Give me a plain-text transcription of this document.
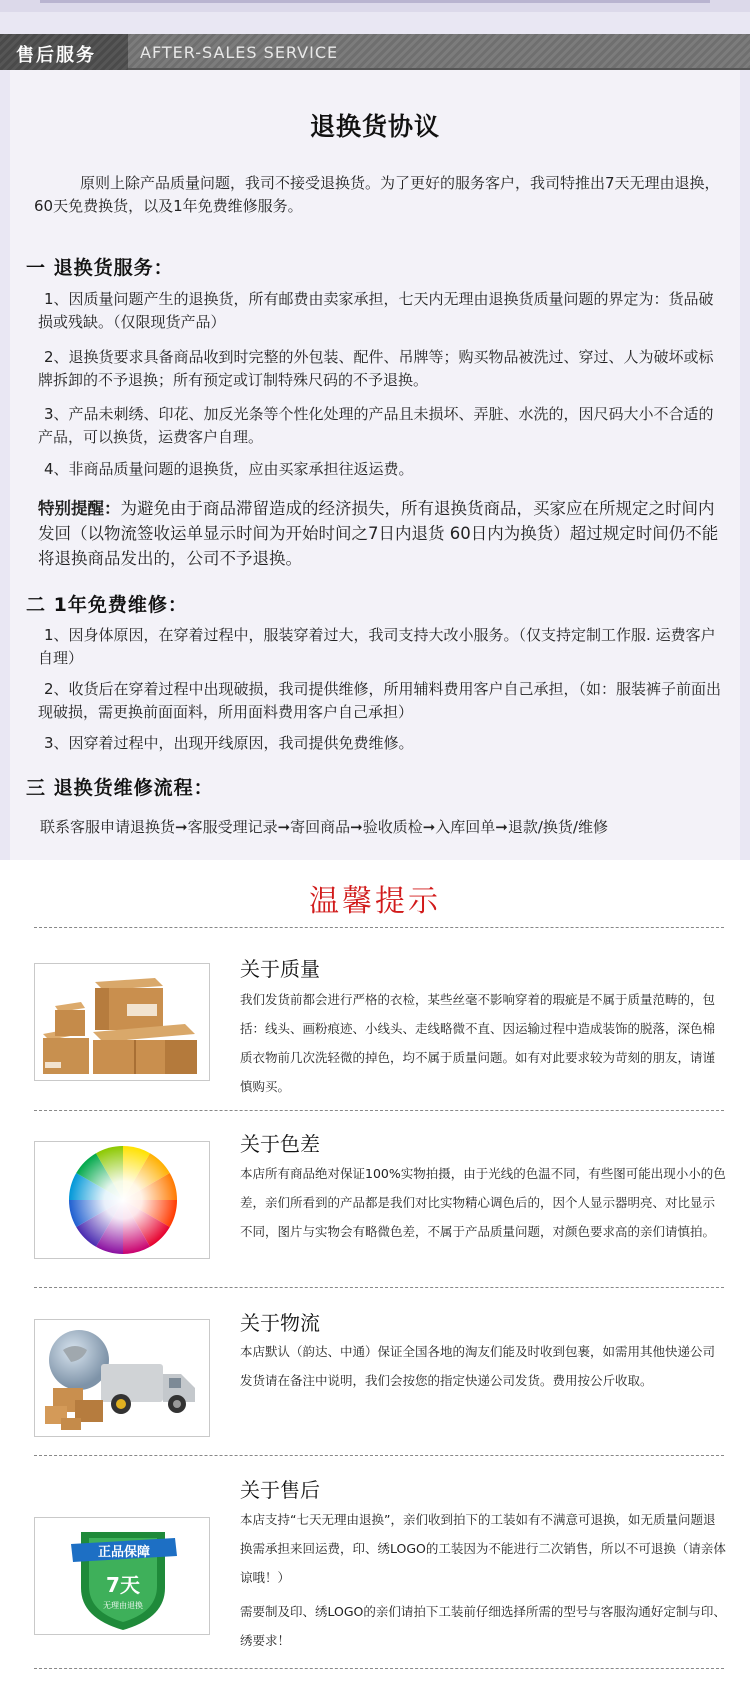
售后服务	AFTER-SALES SERVICE
退换货协议
原则上除产品质量问题，我司不接受退换货。为了更好的服务客户，我司特推出7天无理由退换，60天免费换货，以及1年免费维修服务。
一 退换货服务：
1、因质量问题产生的退换货，所有邮费由卖家承担，七天内无理由退换货质量问题的界定为：货品破损或残缺。（仅限现货产品）
2、退换货要求具备商品收到时完整的外包装、配件、吊牌等；购买物品被洗过、穿过、人为破坏或标牌拆卸的不予退换；所有预定或订制特殊尺码的不予退换。
3、产品未刺绣、印花、加反光条等个性化处理的产品且未损坏、弄脏、水洗的，因尺码大小不合适的产品，可以换货，运费客户自理。
4、非商品质量问题的退换货，应由买家承担往返运费。
特别提醒：为避免由于商品滞留造成的经济损失，所有退换货商品，买家应在所规定之时间内发回（以物流签收运单显示时间为开始时间之7日内退货 60日内为换货）超过规定时间仍不能将退换商品发出的，公司不予退换。
二 1年免费维修：
1、因身体原因，在穿着过程中，服装穿着过大，我司支持大改小服务。（仅支持定制工作服. 运费客户自理）
2、收货后在穿着过程中出现破损，我司提供维修，所用辅料费用客户自己承担，（如：服装裤子前面出现破损，需更换前面面料，所用面料费用客户自己承担）
3、因穿着过程中，出现开线原因，我司提供免费维修。
三 退换货维修流程：
联系客服申请退换货➞客服受理记录➞寄回商品➞验收质检➞入库回单➞退款/换货/维修
温馨提示
关于质量
我们发货前都会进行严格的衣检，某些丝毫不影响穿着的瑕疵是不属于质量范畴的，包括：线头、画粉痕迹、小线头、走线略微不直、因运输过程中造成装饰的脱落，深色棉质衣物前几次洗轻微的掉色，均不属于质量问题。如有对此要求较为苛刻的朋友，请谨慎购买。
关于色差
本店所有商品绝对保证100%实物拍摄，由于光线的色温不同，有些图可能出现小小的色差，亲们所看到的产品都是我们对比实物精心调色后的，因个人显示器明亮、对比显示不同，图片与实物会有略微色差，不属于产品质量问题，对颜色要求高的亲们请慎拍。
关于物流
本店默认（韵达、中通）保证全国各地的淘友们能及时收到包裹，如需用其他快递公司发货请在备注中说明，我们会按您的指定快递公司发货。费用按公斤收取。
正品保障
7天
无理由退换
关于售后
本店支持“七天无理由退换”，亲们收到拍下的工装如有不满意可退换，如无质量问题退换需承担来回运费，印、绣LOGO的工装因为不能进行二次销售，所以不可退换（请亲体谅哦！）
需要制及印、绣LOGO的亲们请拍下工装前仔细选择所需的型号与客服沟通好定制与印、绣要求！
